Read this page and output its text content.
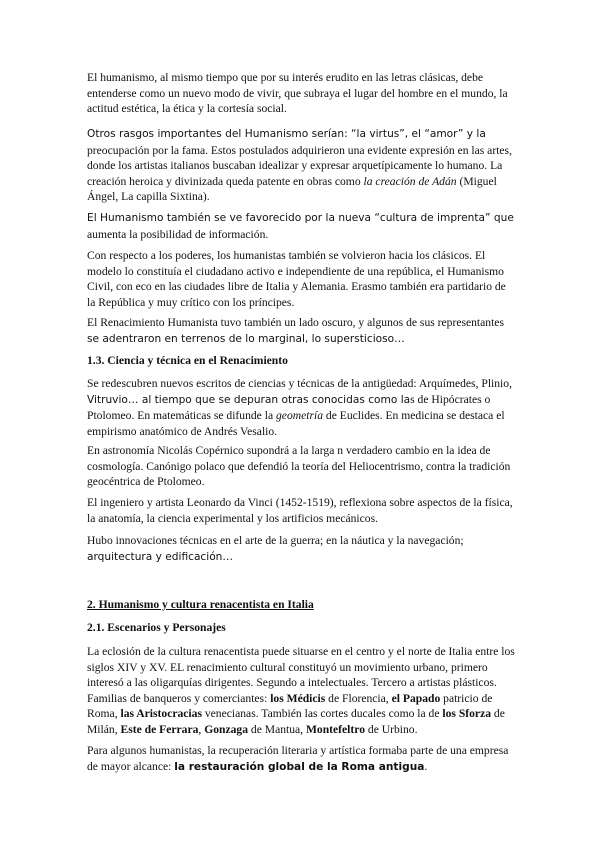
El humanismo, al mismo tiempo que por su interés erudito en las letras clásicas, debe entenderse como un nuevo modo de vivir, que subraya el lugar del hombre en el mundo, la actitud estética, la ética y la cortesía social.

Otros rasgos importantes del Humanismo serían: “la virtus”, el “amor” y la preocupación por la fama. Estos postulados adquirieron una evidente expresión en las artes, donde los artistas italianos buscaban idealizar y expresar arquetípicamente lo humano. La creación heroica y divinizada queda patente en obras como la creación de Adán (Miguel Ángel, La capilla Sixtina).

El Humanismo también se ve favorecido por la nueva “cultura de imprenta” que aumenta la posibilidad de información.

Con respecto a los poderes, los humanistas también se volvieron hacia los clásicos. El modelo lo constituía el ciudadano activo e independiente de una república, el Humanismo Civil, con eco en las ciudades libre de Italia y Alemania. Erasmo también era partidario de la República y muy crítico con los príncipes.

El Renacimiento Humanista tuvo también un lado oscuro, y algunos de sus representantes se adentraron en terrenos de lo marginal, lo supersticioso…

1.3. Ciencia y técnica en el Renacimiento

Se redescubren nuevos escritos de ciencias y técnicas de la antigüedad: Arquímedes, Plinio, Vitruvio… al tiempo que se depuran otras conocidas como las de Hipócrates o Ptolomeo. En matemáticas se difunde la geometría de Euclides. En medicina se destaca el empirismo anatómico de Andrés Vesalio.

En astronomía Nicolás Copérnico supondrá a la larga n verdadero cambio en la idea de cosmología. Canónigo polaco que defendió la teoría del Heliocentrismo, contra la tradición geocéntrica de Ptolomeo.

El ingeniero y artista Leonardo da Vinci (1452-1519), reflexiona sobre aspectos de la física, la anatomía, la ciencia experimental y los artificios mecánicos.

Hubo innovaciones técnicas en el arte de la guerra; en la náutica y la navegación; arquitectura y edificación…

2. Humanismo y cultura renacentista en Italia
2.1. Escenarios y Personajes

La eclosión de la cultura renacentista puede situarse en el centro y el norte de Italia entre los siglos XIV y XV. EL renacimiento cultural constituyó un movimiento urbano, primero interesó a las oligarquías dirigentes. Segundo a intelectuales. Tercero a artistas plásticos. Familias de banqueros y comerciantes: los Médicis de Florencia, el Papado patricio de Roma, las Aristocracias venecianas. También las cortes ducales como la de los Sforza de Milán, Este de Ferrara, Gonzaga de Mantua, Montefeltro de Urbino.

Para algunos humanistas, la recuperación literaria y artística formaba parte de una empresa de mayor alcance: la restauración global de la Roma antigua.
